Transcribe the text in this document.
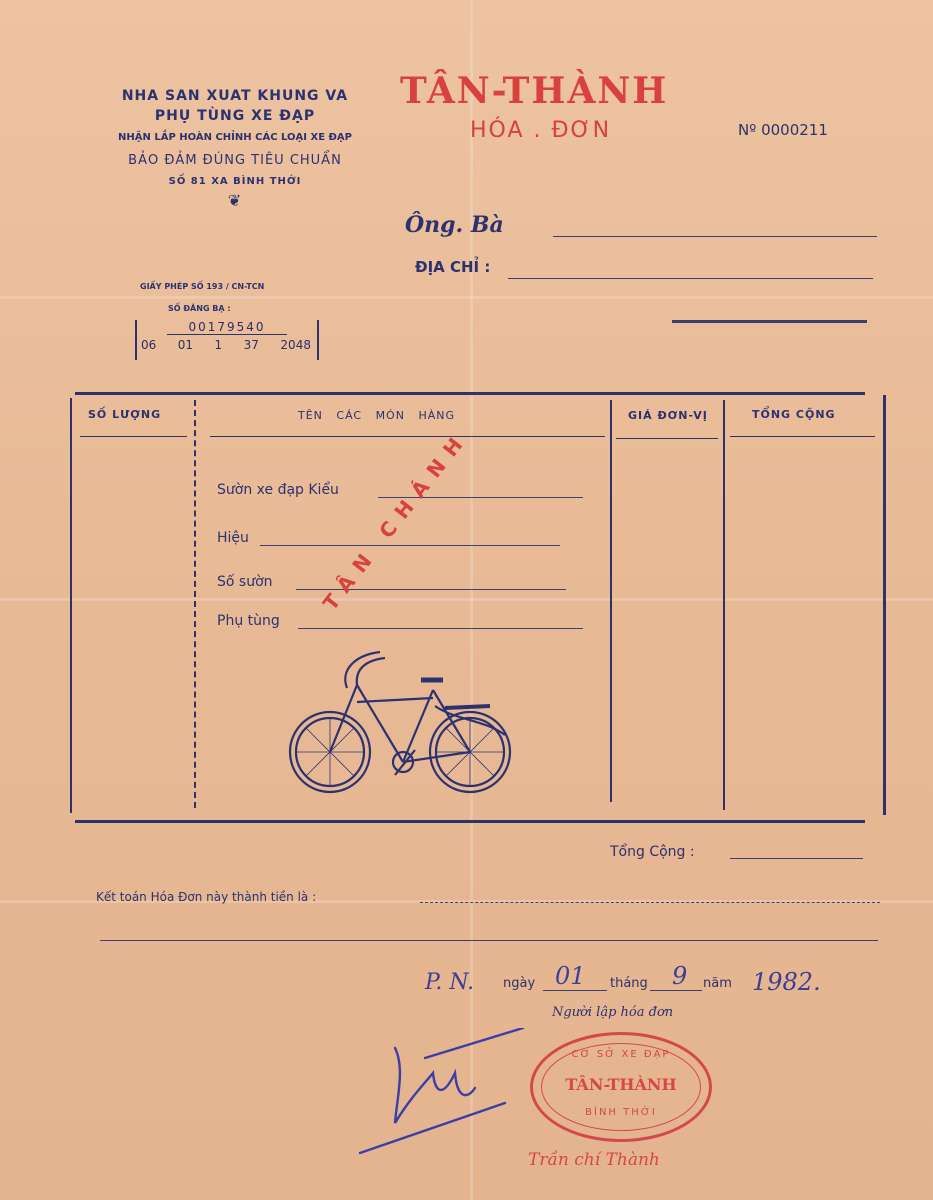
NHA SAN XUAT KHUNG VA
PHỤ TÙNG XE ĐẠP
NHẬN LẮP HOÀN CHỈNH CÁC LOẠI XE ĐẠP
BẢO ĐẢM ĐÚNG TIÊU CHUẨN
SỐ 81 XA BÌNH THỚI
❦
TÂN-THÀNH
HÓA . ĐƠN	Nº 0000211
Ông. Bà
ĐỊA CHỈ :
GIẤY PHÉP SỐ 193 / CN-TCN
SỐ ĐĂNG BẠ :
00179540
06 01 1 37 2048
SỐ LƯỢNG	TÊN   CÁC   MÓN   HÀNG	GIÁ ĐƠN-VỊ	TỔNG CỘNG
Sườn xe đạp Kiểu
Hiệu
Số sườn
Phụ tùng
TÂN CHÁNH
Tổng Cộng :
Kết toán Hóa Đơn này thành tiền là :
P. N. ngày 01 tháng 9 năm 1982.
Người lập hóa đơn
CƠ SỞ XE ĐẠP
TÂN-THÀNH
BÌNH THỚI
Trần chí Thành
